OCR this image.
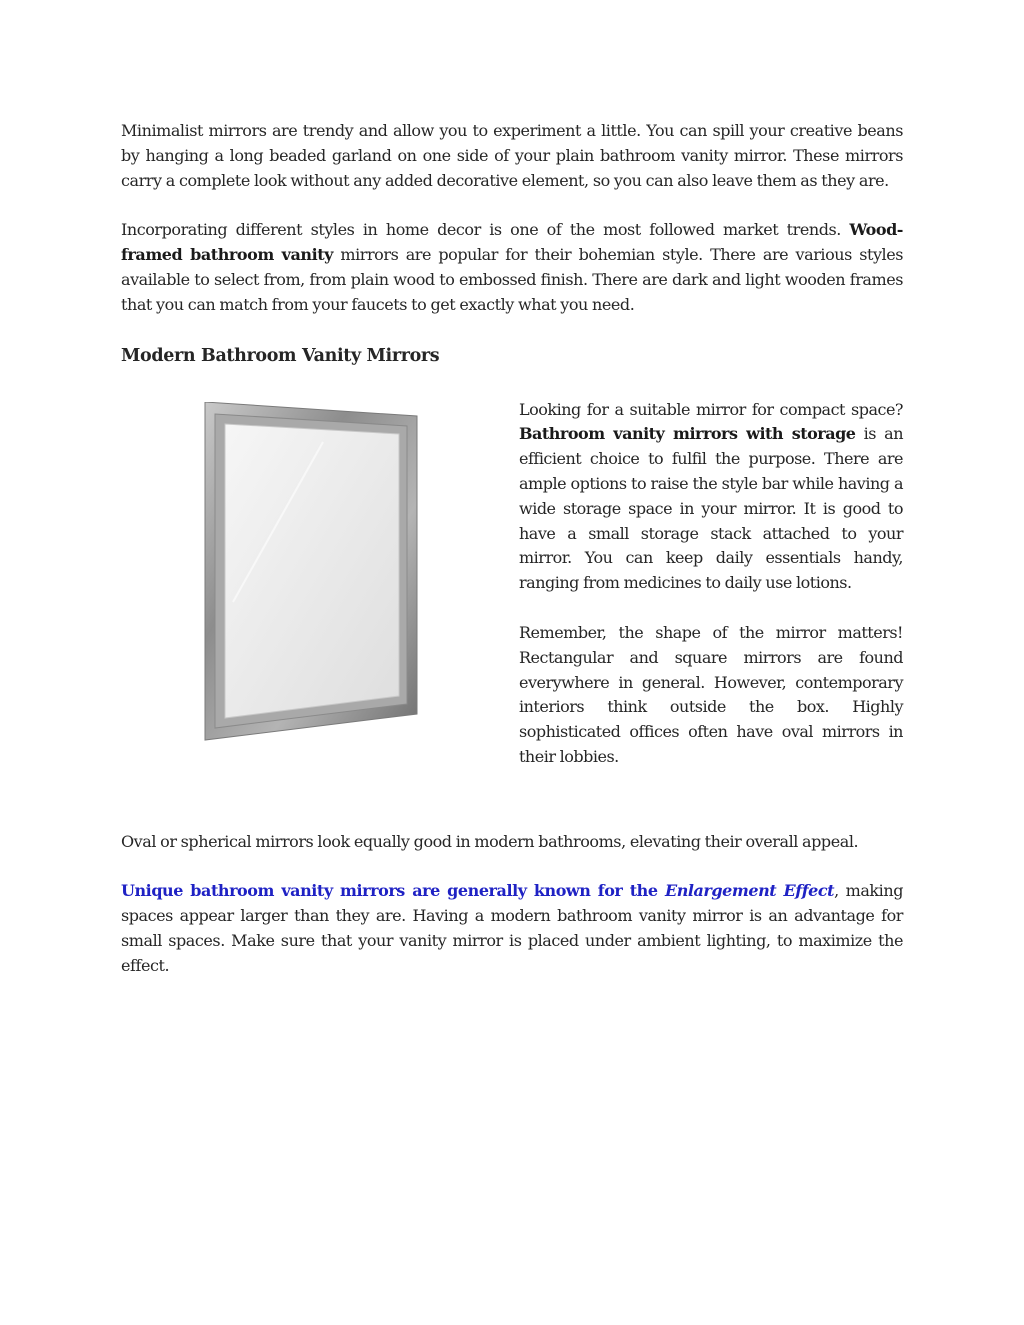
Minimalist mirrors are trendy and allow you to experiment a little. You can spill your creative beans by hanging a long beaded garland on one side of your plain bathroom vanity mirror. These mirrors carry a complete look without any added decorative element, so you can also leave them as they are.

Incorporating different styles in home decor is one of the most followed market trends. Wood-framed bathroom vanity mirrors are popular for their bohemian style. There are various styles available to select from, from plain wood to embossed finish. There are dark and light wooden frames that you can match from your faucets to get exactly what you need.

Modern Bathroom Vanity Mirrors

Looking for a suitable mirror for compact space? Bathroom vanity mirrors with storage is an efficient choice to fulfil the purpose. There are ample options to raise the style bar while having a wide storage space in your mirror. It is good to have a small storage stack attached to your mirror. You can keep daily essentials handy, ranging from medicines to daily use lotions.

Remember, the shape of the mirror matters! Rectangular and square mirrors are found everywhere in general. However, contemporary interiors think outside the box. Highly sophisticated offices often have oval mirrors in their lobbies.

Oval or spherical mirrors look equally good in modern bathrooms, elevating their overall appeal.

Unique bathroom vanity mirrors are generally known for the Enlargement Effect, making spaces appear larger than they are. Having a modern bathroom vanity mirror is an advantage for small spaces. Make sure that your vanity mirror is placed under ambient lighting, to maximize the effect.
